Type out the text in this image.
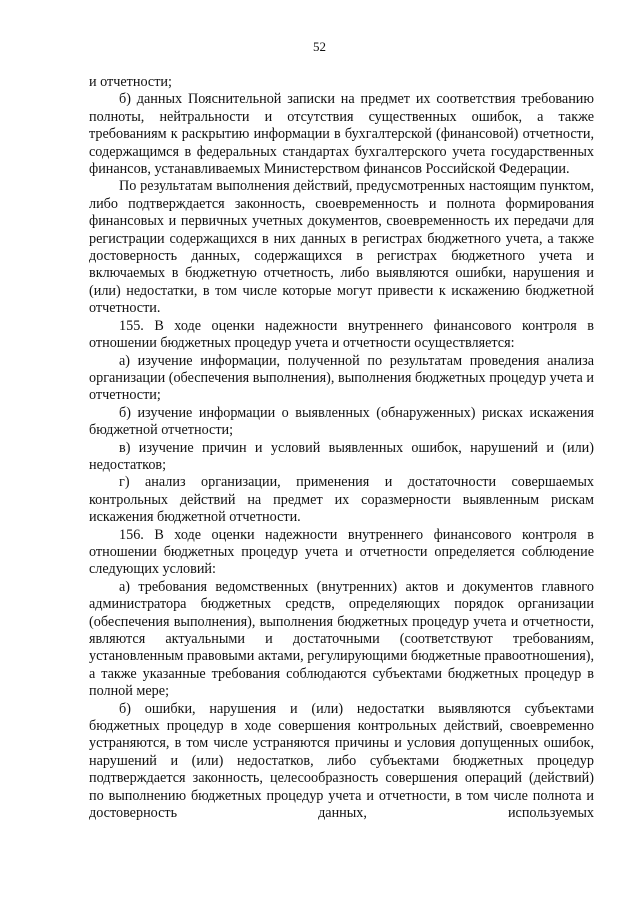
52

и отчетности;

б) данных Пояснительной записки на предмет их соответствия требованию полноты, нейтральности и отсутствия существенных ошибок, а также требованиям к раскрытию информации в бухгалтерской (финансовой) отчетности, содержащимся в федеральных стандартах бухгалтерского учета государственных финансов, устанавливаемых Министерством финансов Российской Федерации.

По результатам выполнения действий, предусмотренных настоящим пунктом, либо подтверждается законность, своевременность и полнота формирования финансовых и первичных учетных документов, своевременность их передачи для регистрации содержащихся в них данных в регистрах бюджетного учета, а также достоверность данных, содержащихся в регистрах бюджетного учета и включаемых в бюджетную отчетность, либо выявляются ошибки, нарушения и (или) недостатки, в том числе которые могут привести к искажению бюджетной отчетности.

155. В ходе оценки надежности внутреннего финансового контроля в отношении бюджетных процедур учета и отчетности осуществляется:

а) изучение информации, полученной по результатам проведения анализа организации (обеспечения выполнения), выполнения бюджетных процедур учета и отчетности;

б) изучение информации о выявленных (обнаруженных) рисках искажения бюджетной отчетности;

в) изучение причин и условий выявленных ошибок, нарушений и (или) недостатков;

г) анализ организации, применения и достаточности совершаемых контрольных действий на предмет их соразмерности выявленным рискам искажения бюджетной отчетности.

156. В ходе оценки надежности внутреннего финансового контроля в отношении бюджетных процедур учета и отчетности определяется соблюдение следующих условий:

а) требования ведомственных (внутренних) актов и документов главного администратора бюджетных средств, определяющих порядок организации (обеспечения выполнения), выполнения бюджетных процедур учета и отчетности, являются актуальными и достаточными (соответствуют требованиям, установленным правовыми актами, регулирующими бюджетные правоотношения), а также указанные требования соблюдаются субъектами бюджетных процедур в полной мере;

б) ошибки, нарушения и (или) недостатки выявляются субъектами бюджетных процедур в ходе совершения контрольных действий, своевременно устраняются, в том числе устраняются причины и условия допущенных ошибок, нарушений и (или) недостатков, либо субъектами бюджетных процедур подтверждается законность, целесообразность совершения операций (действий) по выполнению бюджетных процедур учета и отчетности, в том числе полнота и достоверность данных, используемых
